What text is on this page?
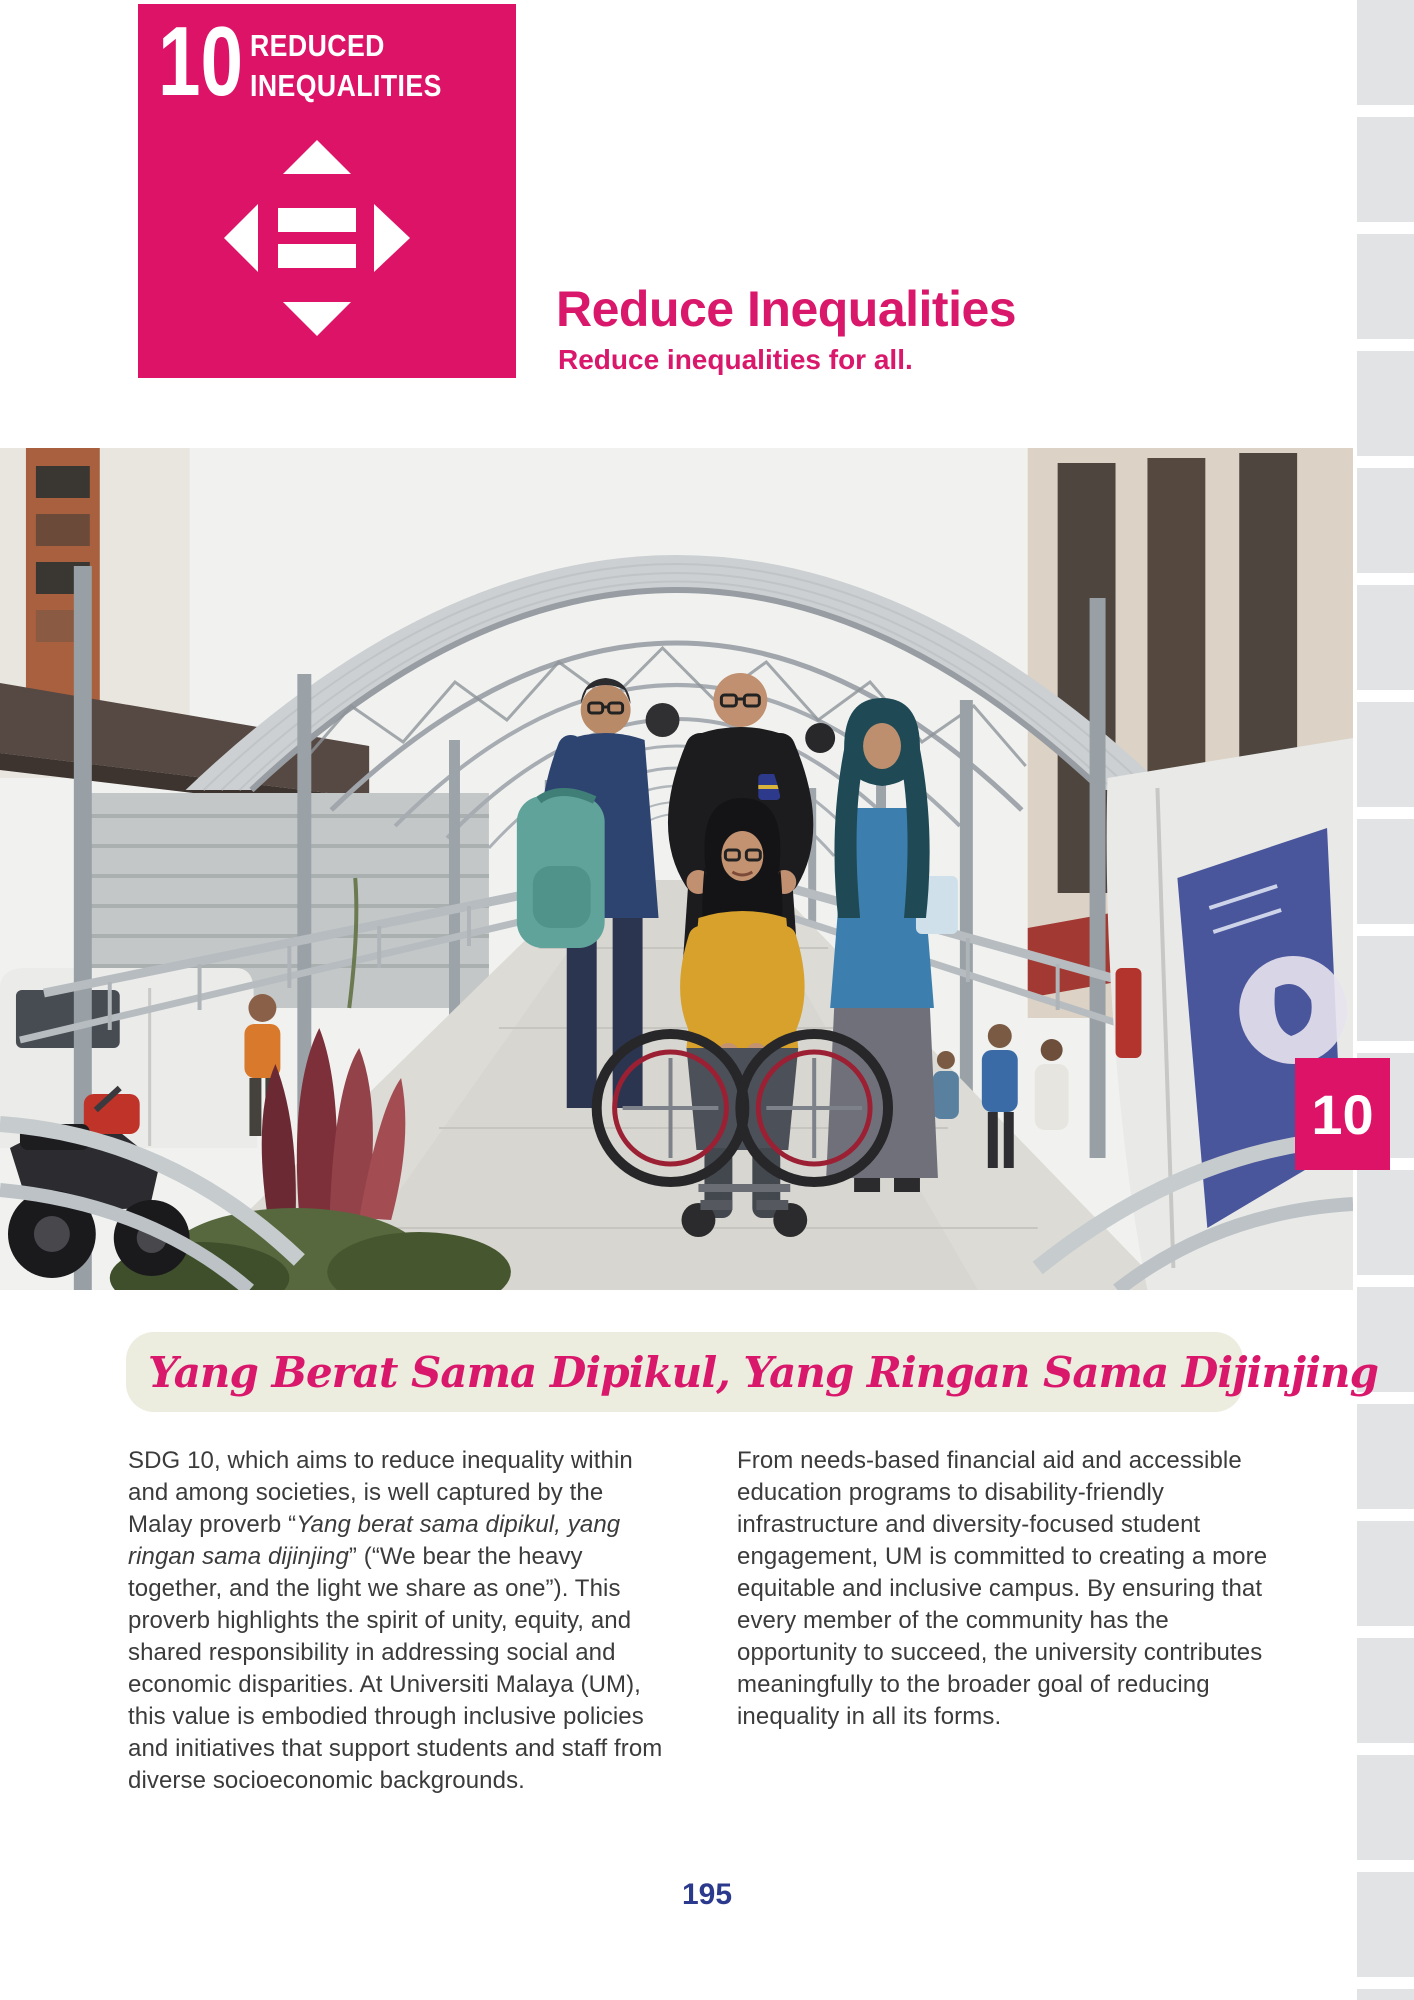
10 REDUCED
INEQUALITIES
Reduce Inequalities

Reduce inequalities for all.

10
Yang Berat Sama Dipikul, Yang Ringan Sama Dijinjing

SDG 10, which aims to reduce inequality within and among societies, is well captured by the Malay proverb “Yang berat sama dipikul, yang ringan sama dijinjing” (“We bear the heavy together, and the light we share as one”). This proverb highlights the spirit of unity, equity, and shared responsibility in addressing social and economic disparities. At Universiti Malaya (UM), this value is embodied through inclusive policies and initiatives that support students and staff from diverse socioeconomic backgrounds.

From needs-based financial aid and accessible education programs to disability-friendly infrastructure and diversity-focused student engagement, UM is committed to creating a more equitable and inclusive campus. By ensuring that every member of the community has the opportunity to succeed, the university contributes meaningfully to the broader goal of reducing inequality in all its forms.

195
